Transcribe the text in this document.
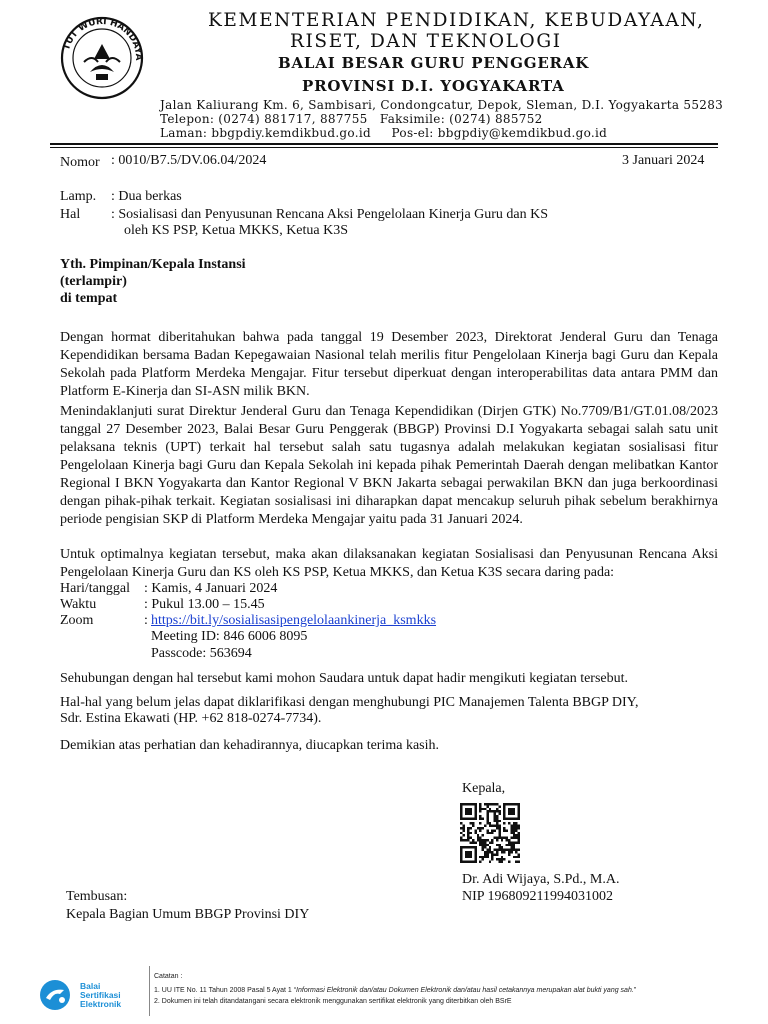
TUT WURI HANDAYA
KEMENTERIAN PENDIDIKAN, KEBUDAYAAN,
RISET, DAN TEKNOLOGI
BALAI BESAR GURU PENGGERAK
PROVINSI D.I. YOGYAKARTA
Jalan Kaliurang Km. 6, Sambisari, Condongcatur, Depok, Sleman, D.I. Yogyakarta 55283
Telepon: (0274) 881717, 887755   Faksimile: (0274) 885752
Laman: bbgpdiy.kemdikbud.go.id     Pos-el: bbgpdiy@kemdikbud.go.id
Nomor : 0010/B7.5/DV.06.04/2024	3 Januari 2024
Lamp. : Dua berkas
Hal : Sosialisasi dan Penyusunan Rencana Aksi Pengelolaan Kinerja Guru dan KS
oleh KS PSP, Ketua MKKS, Ketua K3S
Yth. Pimpinan/Kepala Instansi
(terlampir)
di tempat
Dengan hormat diberitahukan bahwa pada tanggal 19 Desember 2023, Direktorat Jenderal Guru dan Tenaga Kependidikan bersama Badan Kepegawaian Nasional telah merilis fitur Pengelolaan Kinerja bagi Guru dan Kepala Sekolah pada Platform Merdeka Mengajar. Fitur tersebut diperkuat dengan interoperabilitas data antara PMM dan Platform E-Kinerja dan SI-ASN milik BKN.
Menindaklanjuti surat Direktur Jenderal Guru dan Tenaga Kependidikan (Dirjen GTK) No.7709/B1/GT.01.08/2023 tanggal 27 Desember 2023, Balai Besar Guru Penggerak (BBGP) Provinsi D.I Yogyakarta sebagai salah satu unit pelaksana teknis (UPT) terkait hal tersebut salah satu tugasnya adalah melakukan kegiatan sosialisasi fitur Pengelolaan Kinerja bagi Guru dan Kepala Sekolah ini kepada pihak Pemerintah Daerah dengan melibatkan Kantor Regional I BKN Yogyakarta dan Kantor Regional V BKN Jakarta sebagai perwakilan BKN dan juga berkoordinasi dengan pihak-pihak terkait. Kegiatan sosialisasi ini diharapkan dapat mencakup seluruh pihak sebelum berakhirnya periode pengisian SKP di Platform Merdeka Mengajar yaitu pada 31 Januari 2024.
Untuk optimalnya kegiatan tersebut, maka akan dilaksanakan kegiatan Sosialisasi dan Penyusunan Rencana Aksi Pengelolaan Kinerja Guru dan KS oleh KS PSP, Ketua MKKS, dan Ketua K3S secara daring pada:
Hari/tanggal : Kamis, 4 Januari 2024
Waktu	: Pukul 13.00 – 15.45
Zoom	: https://bit.ly/sosialisasipengelolaankinerja_ksmkks
Meeting ID: 846 6006 8095
Passcode: 563694
Sehubungan dengan hal tersebut kami mohon Saudara untuk dapat hadir mengikuti kegiatan tersebut.
Hal-hal yang belum jelas dapat diklarifikasi dengan menghubungi PIC Manajemen Talenta BBGP DIY,
Sdr. Estina Ekawati (HP. +62 818-0274-7734).
Demikian atas perhatian dan kehadirannya, diucapkan terima kasih.
Kepala,
Dr. Adi Wijaya, S.Pd., M.A.
NIP 196809211994031002
Tembusan:
Kepala Bagian Umum BBGP Provinsi DIY
Balai
Sertifikasi
Elektronik
Catatan :
1. UU ITE No. 11 Tahun 2008 Pasal 5 Ayat 1 “Informasi Elektronik dan/atau Dokumen Elektronik dan/atau hasil cetakannya merupakan alat bukti yang sah.”
2. Dokumen ini telah ditandatangani secara elektronik menggunakan sertifikat elektronik yang diterbitkan oleh BSrE
